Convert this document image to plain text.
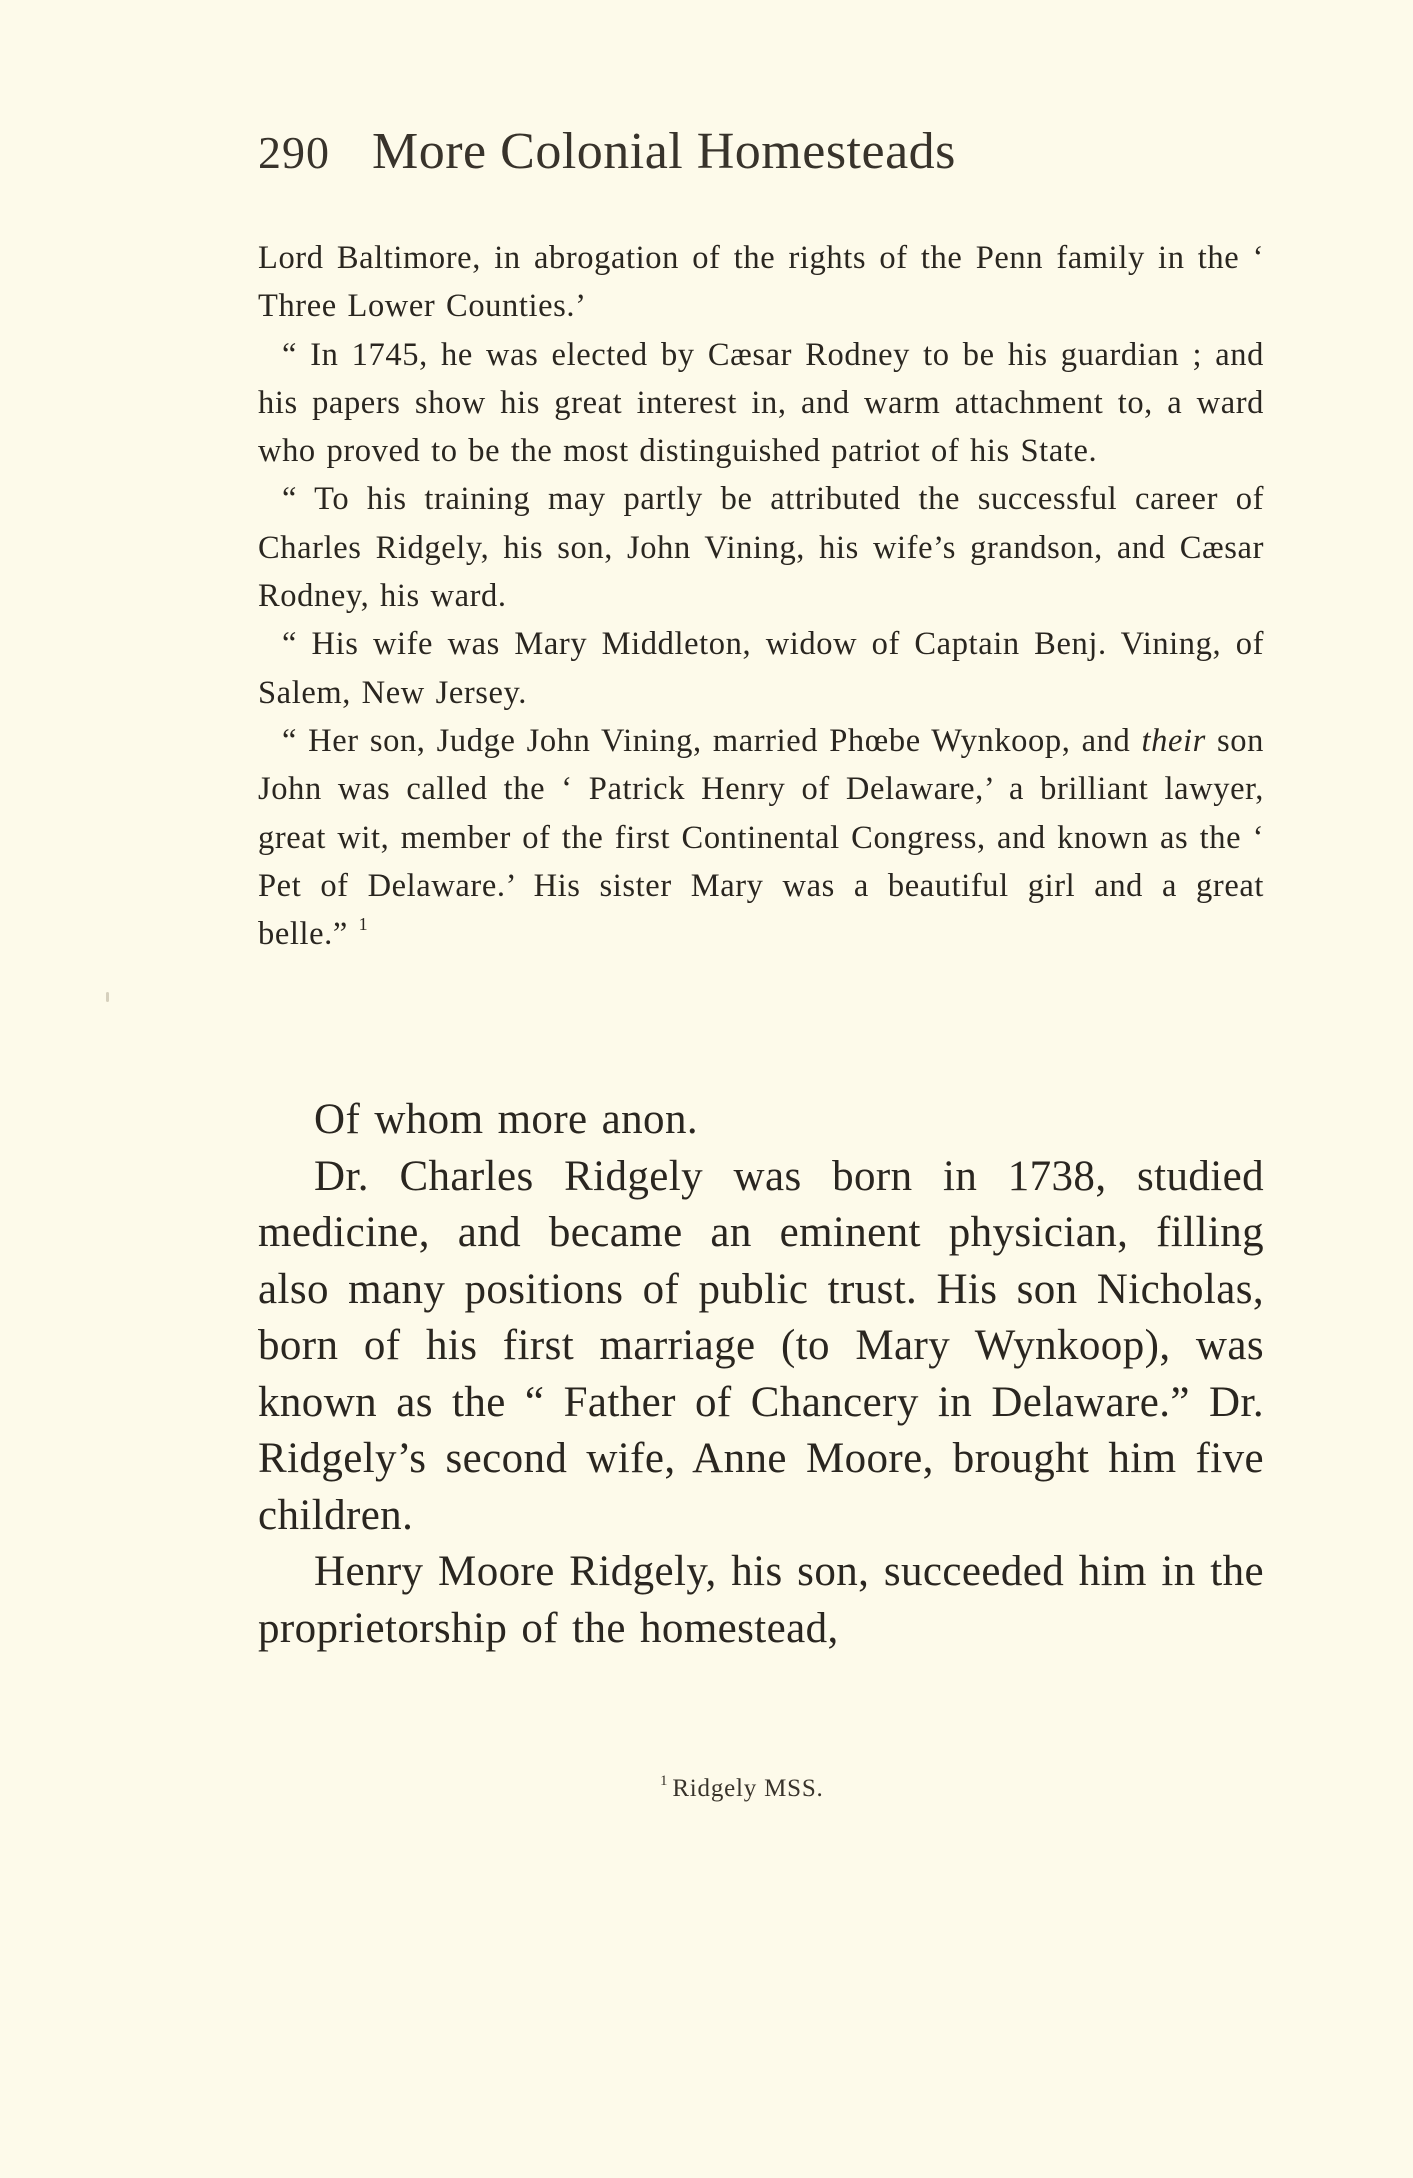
290 More Colonial Homesteads

Lord Baltimore, in abrogation of the rights of the Penn family in the ‘ Three Lower Counties.’

“ In 1745, he was elected by Cæsar Rodney to be his guardian ; and his papers show his great interest in, and warm attachment to, a ward who proved to be the most distinguished patriot of his State.

“ To his training may partly be attributed the successful career of Charles Ridgely, his son, John Vining, his wife’s grandson, and Cæsar Rodney, his ward.

“ His wife was Mary Middleton, widow of Captain Benj. Vining, of Salem, New Jersey.

“ Her son, Judge John Vining, married Phœbe Wynkoop, and their son John was called the ‘ Patrick Henry of Delaware,’ a brilliant lawyer, great wit, member of the first Continental Congress, and known as the ‘ Pet of Delaware.’ His sister Mary was a beautiful girl and a great belle.” $^1$

Of whom more anon.

Dr. Charles Ridgely was born in 1738, studied medicine, and became an eminent physician, filling also many positions of public trust. His son Nicholas, born of his first marriage (to Mary Wynkoop), was known as the “ Father of Chancery in Delaware.” Dr. Ridgely’s second wife, Anne Moore, brought him five children.

Henry Moore Ridgely, his son, succeeded him in the proprietorship of the homestead,

$^1$ Ridgely MSS.
